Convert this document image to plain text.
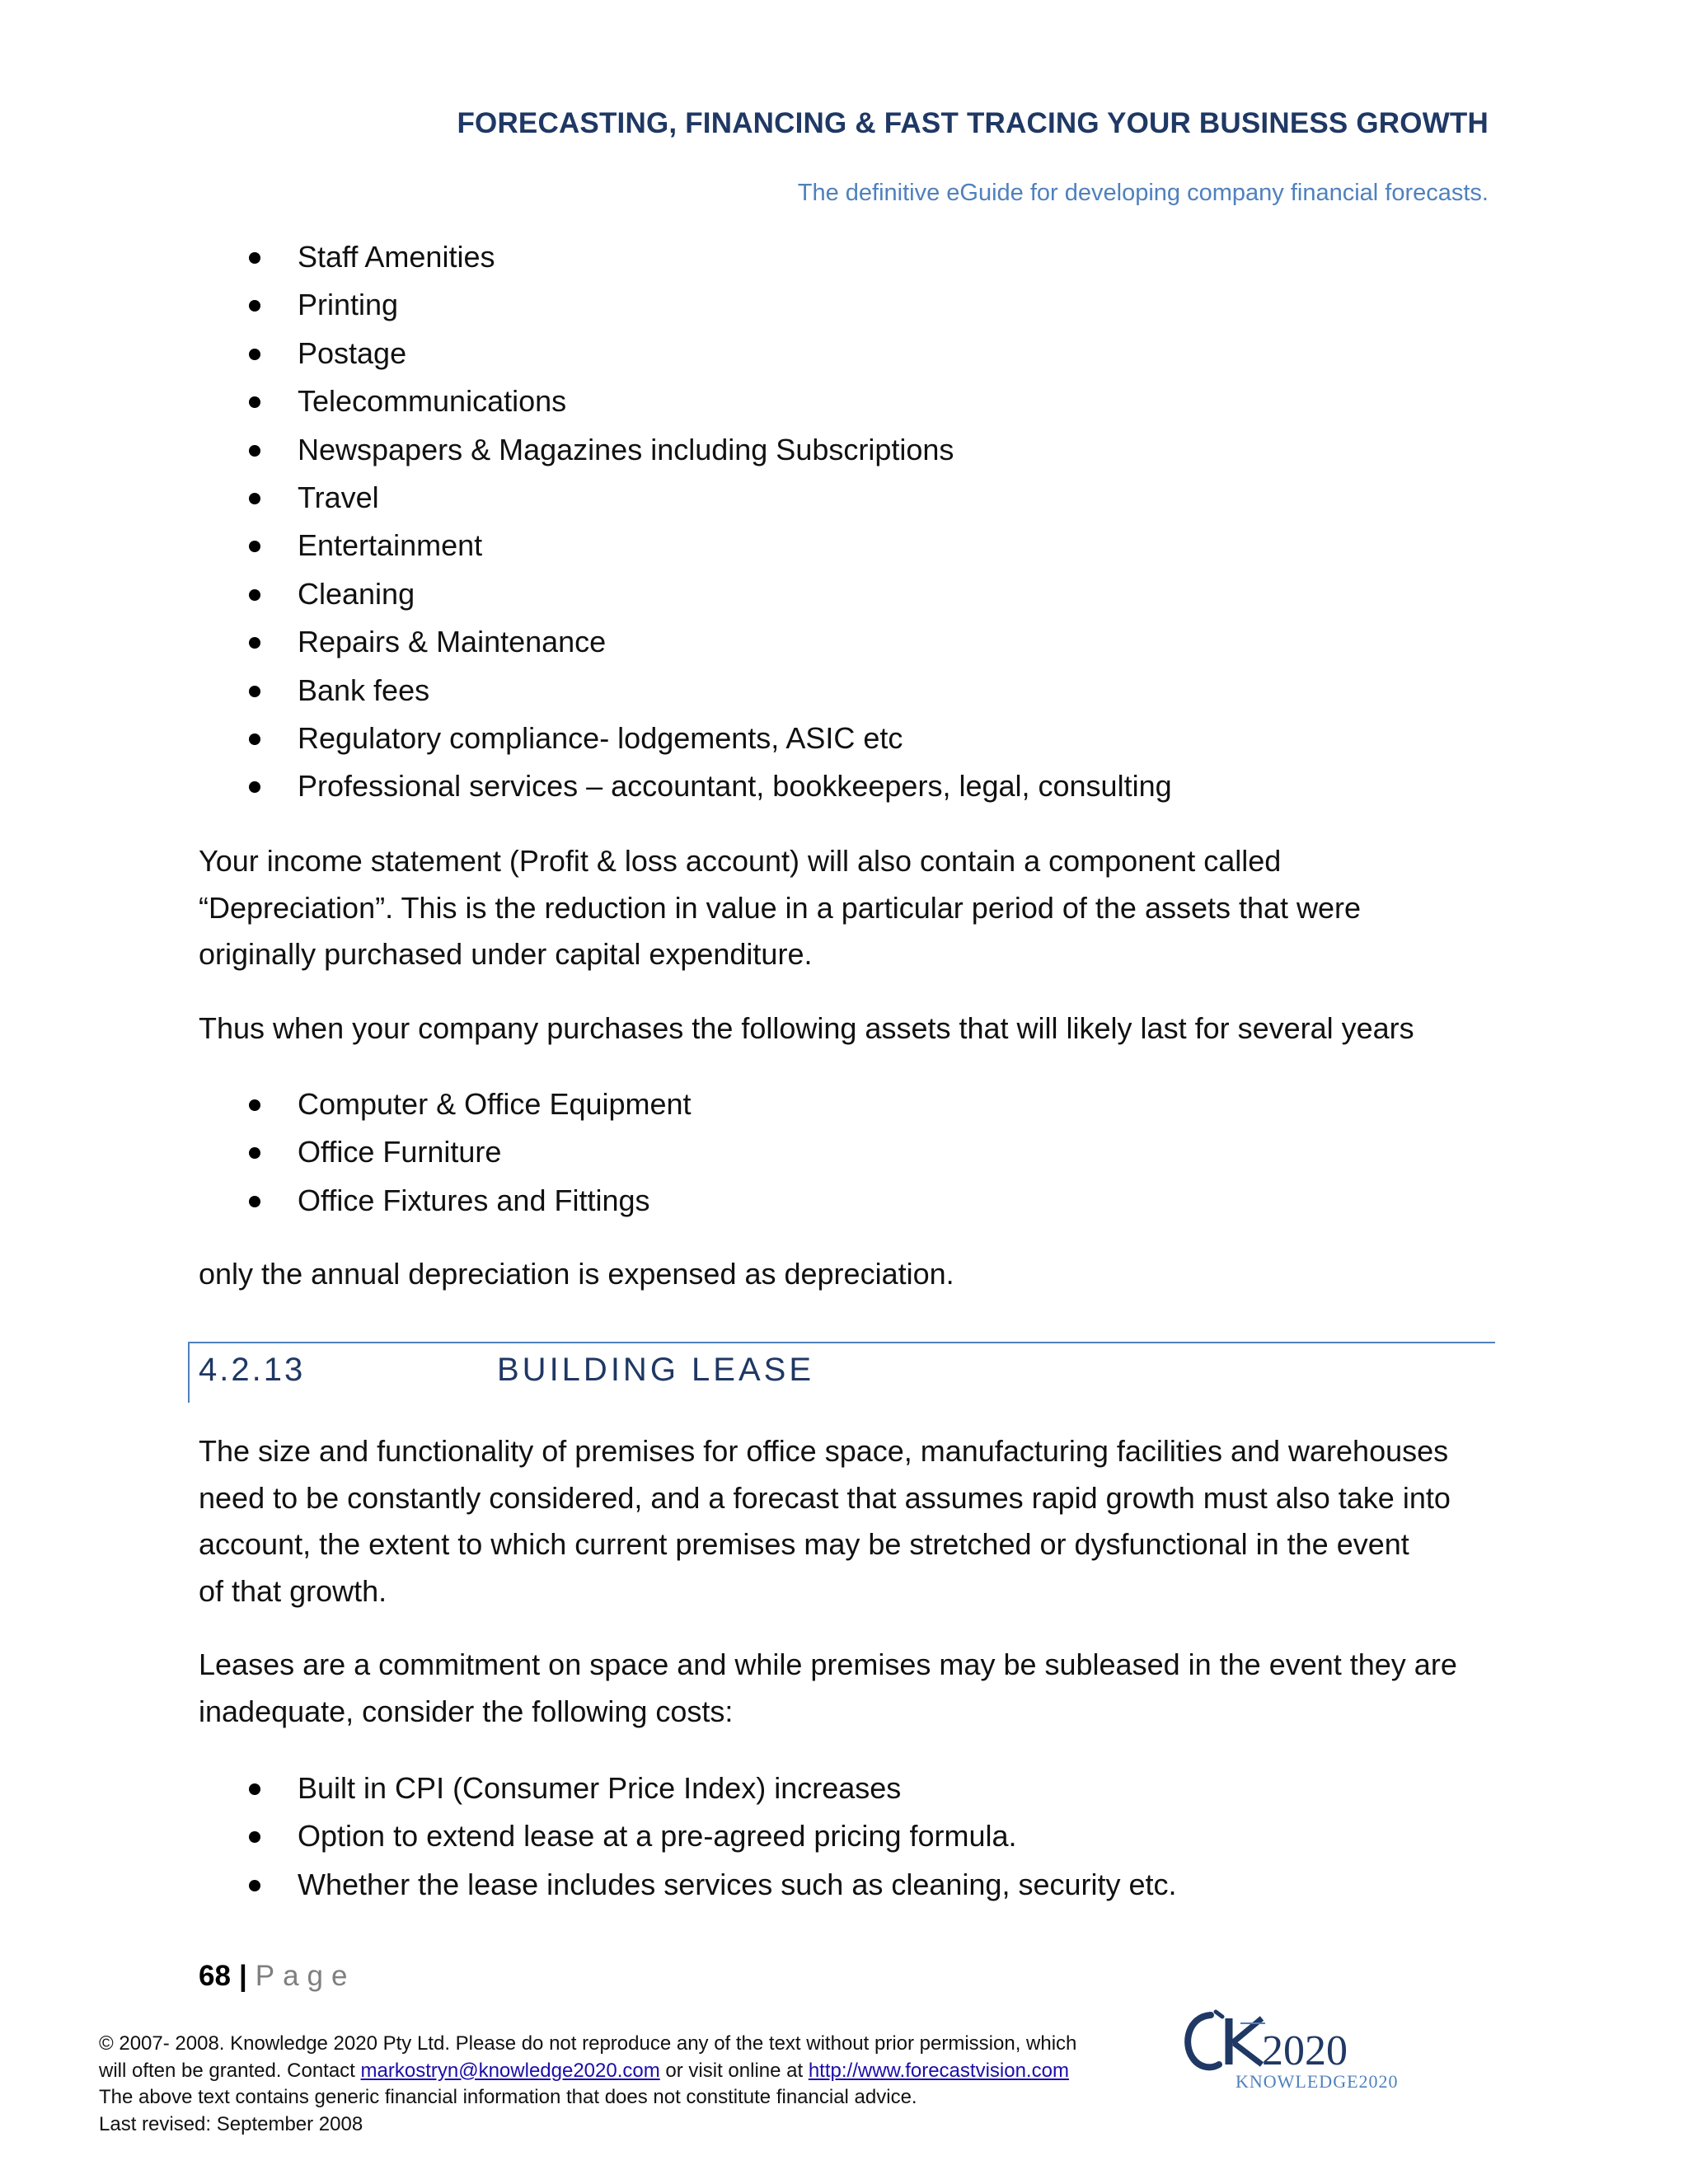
FORECASTING, FINANCING & FAST TRACING YOUR BUSINESS GROWTH
The definitive eGuide for developing company financial forecasts.
Staff Amenities
Printing
Postage
Telecommunications
Newspapers & Magazines including Subscriptions
Travel
Entertainment
Cleaning
Repairs & Maintenance
Bank fees
Regulatory compliance- lodgements, ASIC etc
Professional services – accountant, bookkeepers, legal, consulting

Your income statement (Profit & loss account) will also contain a component called

“Depreciation”. This is the reduction in value in a particular period of the assets that were

originally purchased under capital expenditure.

Thus when your company purchases the following assets that will likely last for several years

Computer & Office Equipment
Office Furniture
Office Fixtures and Fittings

only the annual depreciation is expensed as depreciation.

4.2.13	BUILDING LEASE

The size and functionality of premises for office space, manufacturing facilities and warehouses

need to be constantly considered, and a forecast that assumes rapid growth must also take into

account, the extent to which current premises may be stretched or dysfunctional in the event

of that growth.

Leases are a commitment on space and while premises may be subleased in the event they are

inadequate, consider the following costs:

Built in CPI (Consumer Price Index) increases
Option to extend lease at a pre-agreed pricing formula.
Whether the lease includes services such as cleaning, security etc.
68 | Page
© 2007- 2008. Knowledge 2020 Pty Ltd. Please do not reproduce any of the text without prior permission, which
will often be granted. Contact markostryn@knowledge2020.com or visit online at http://www.forecastvision.com
The above text contains generic financial information that does not constitute financial advice.
Last revised: September 2008
2020
KNOWLEDGE2020
